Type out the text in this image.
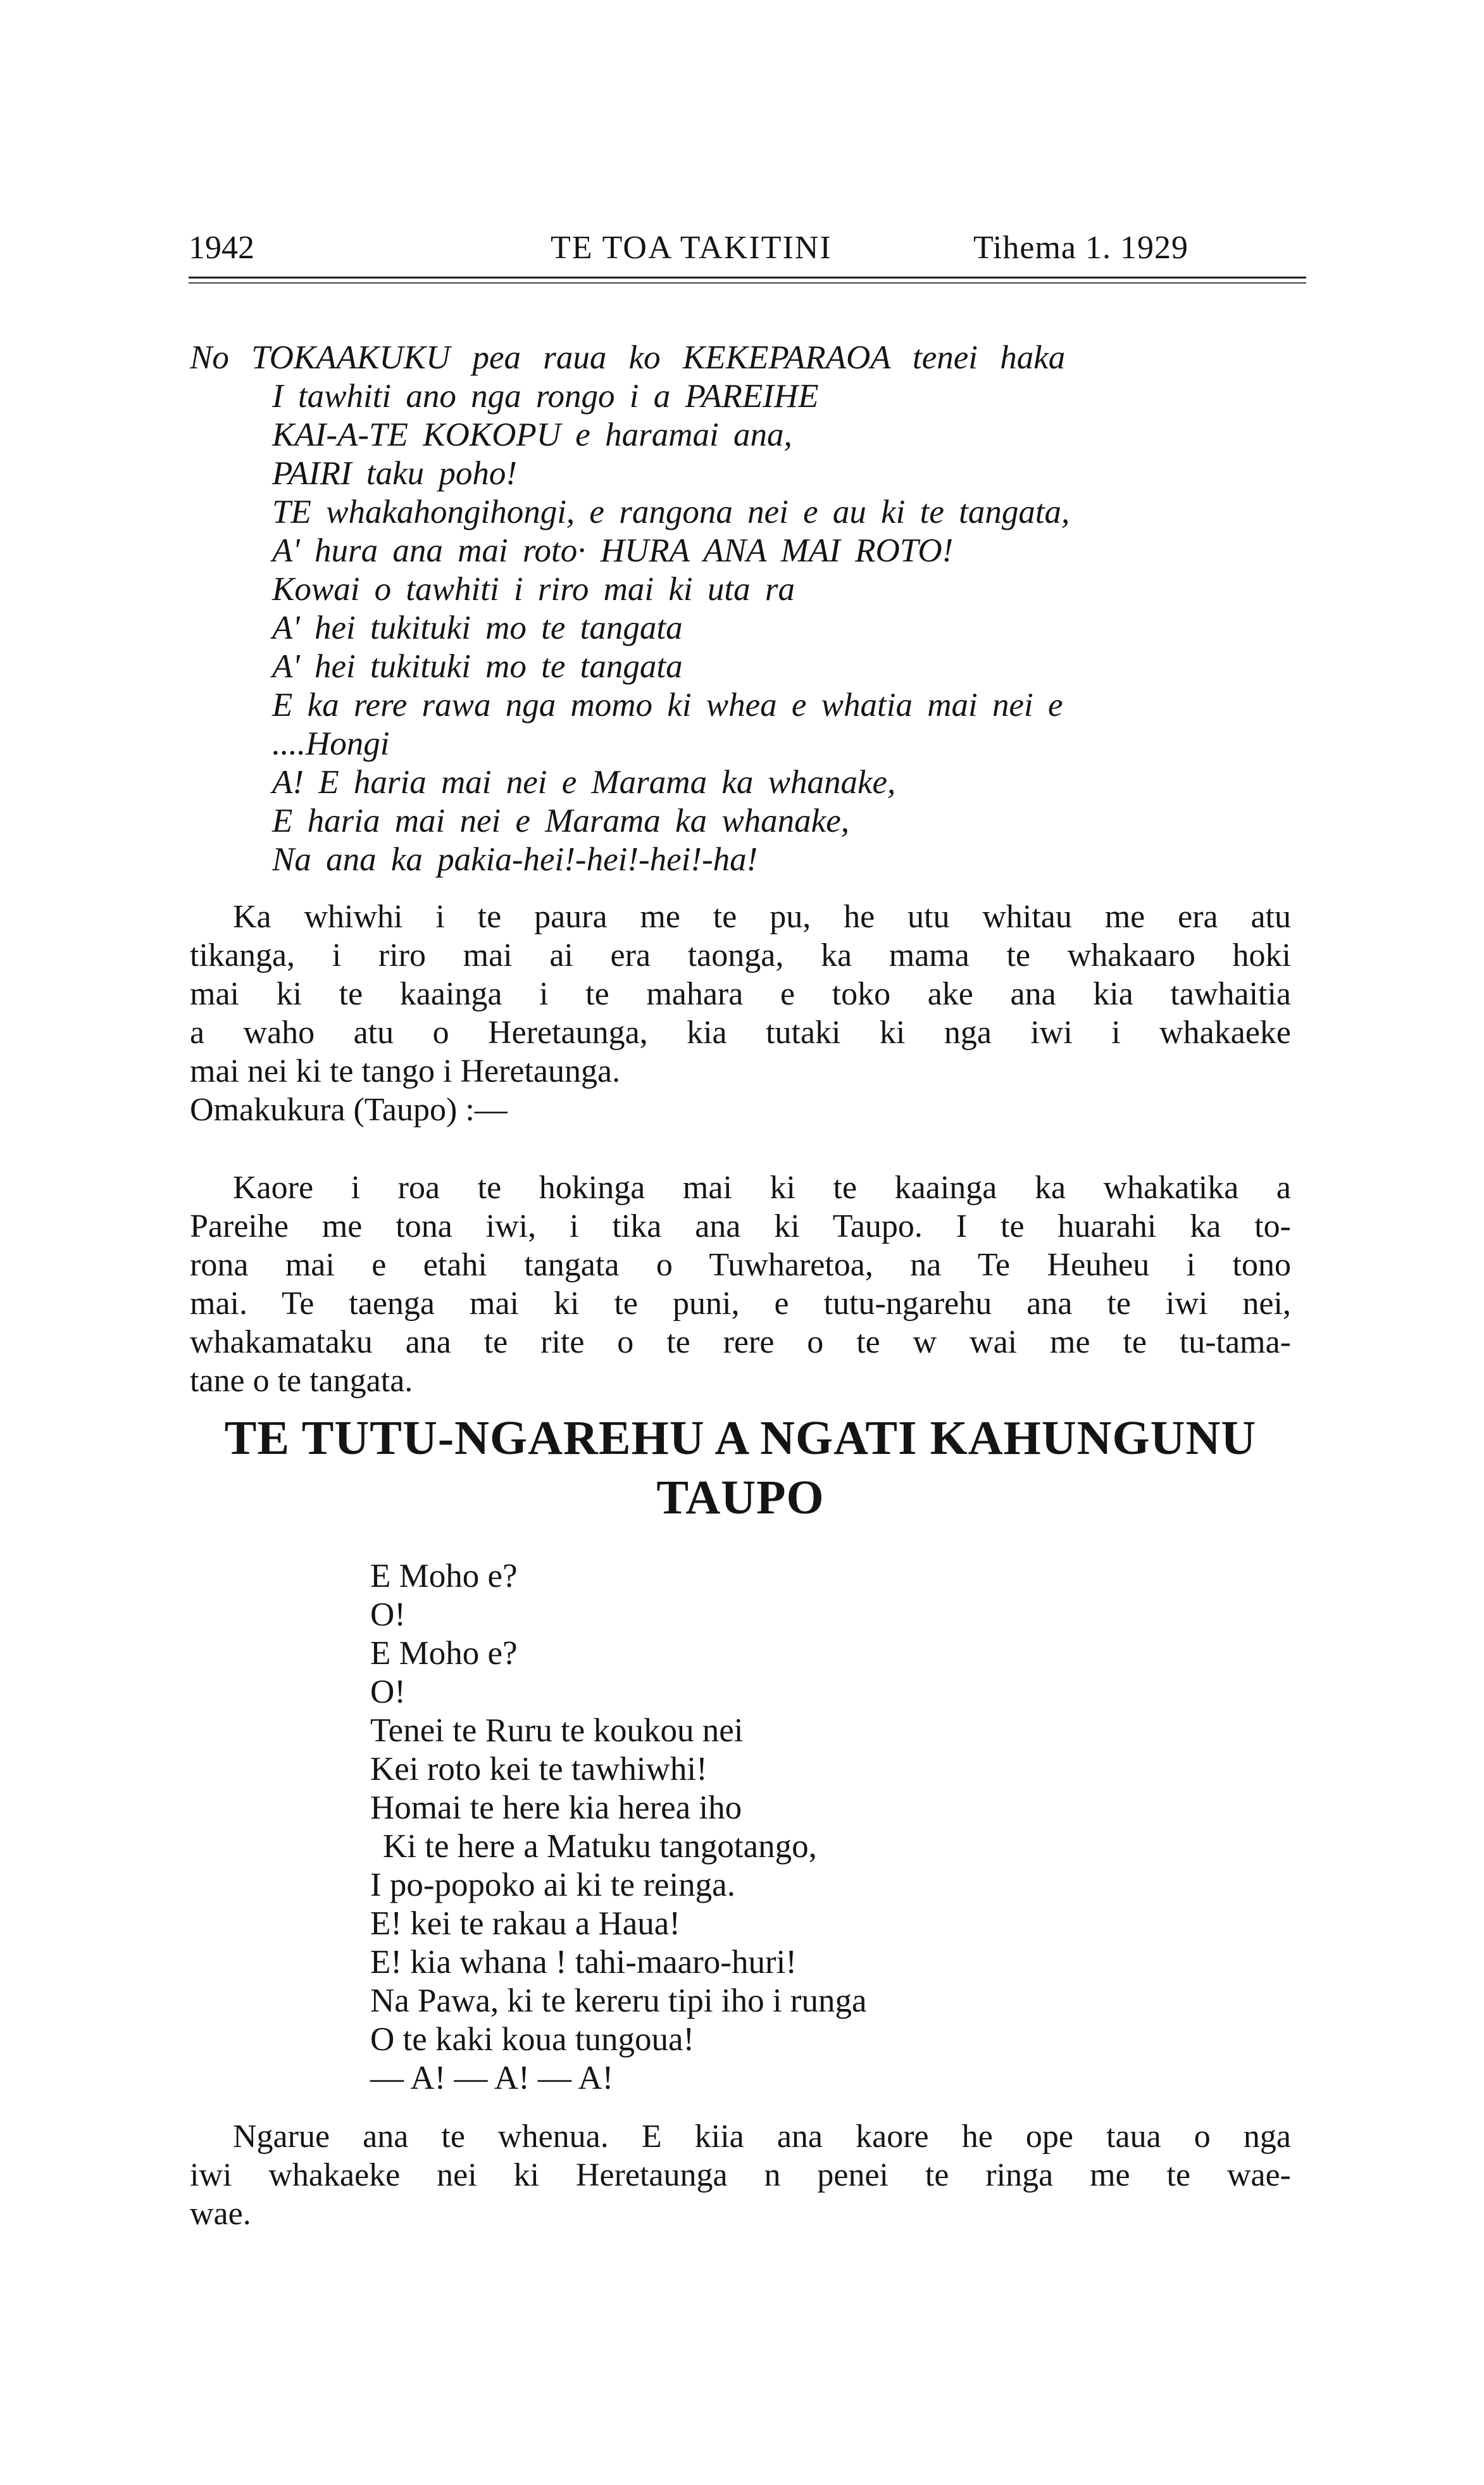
1942	TE TOA TAKITINI	Tihema 1. 1929
No TOKAAKUKU pea raua ko KEKEPARAOA tenei haka
I tawhiti ano nga rongo i a PAREIHE
KAI-A-TE KOKOPU e haramai ana,
PAIRI taku poho!
TE whakahongihongi, e rangona nei e au ki te tangata,
A' hura ana mai roto· HURA ANA MAI ROTO!
Kowai o tawhiti i riro mai ki uta ra
A' hei tukituki mo te tangata
A' hei tukituki mo te tangata
E ka rere rawa nga momo ki whea e whatia mai nei e
....Hongi
A! E haria mai nei e Marama ka whanake,
E haria mai nei e Marama ka whanake,
Na ana ka pakia-hei!-hei!-hei!-ha!
Ka whiwhi i te paura me te pu, he utu whitau me era atu
tikanga, i riro mai ai era taonga, ka mama te whakaaro hoki
mai ki te kaainga i te mahara e toko ake ana kia tawhaitia
a waho atu o Heretaunga, kia tutaki ki nga iwi i whakaeke
mai nei ki te tango i Heretaunga.
Omakukura (Taupo) :—
Kaore i roa te hokinga mai ki te kaainga ka whakatika a
Pareihe me tona iwi, i tika ana ki Taupo. I te huarahi ka to-
rona mai e etahi tangata o Tuwharetoa, na Te Heuheu i tono
mai. Te taenga mai ki te puni, e tutu-ngarehu ana te iwi nei,
whakamataku ana te rite o te rere o te w wai me te tu-tama-
tane o te tangata.
TE TUTU-NGAREHU A NGATI KAHUNGUNU
TAUPO
E Moho e?
O!
E Moho e?
O!
Tenei te Ruru te koukou nei
Kei roto kei te tawhiwhi!
Homai te here kia herea iho
Ki te here a Matuku tangotango,
I po-popoko ai ki te reinga.
E! kei te rakau a Haua!
E! kia whana ! tahi-maaro-huri!
Na Pawa, ki te kereru tipi iho i runga
O te kaki koua tungoua!
— A! — A! — A!
Ngarue ana te whenua. E kiia ana kaore he ope taua o nga
iwi whakaeke nei ki Heretaunga n penei te ringa me te wae-
wae.
